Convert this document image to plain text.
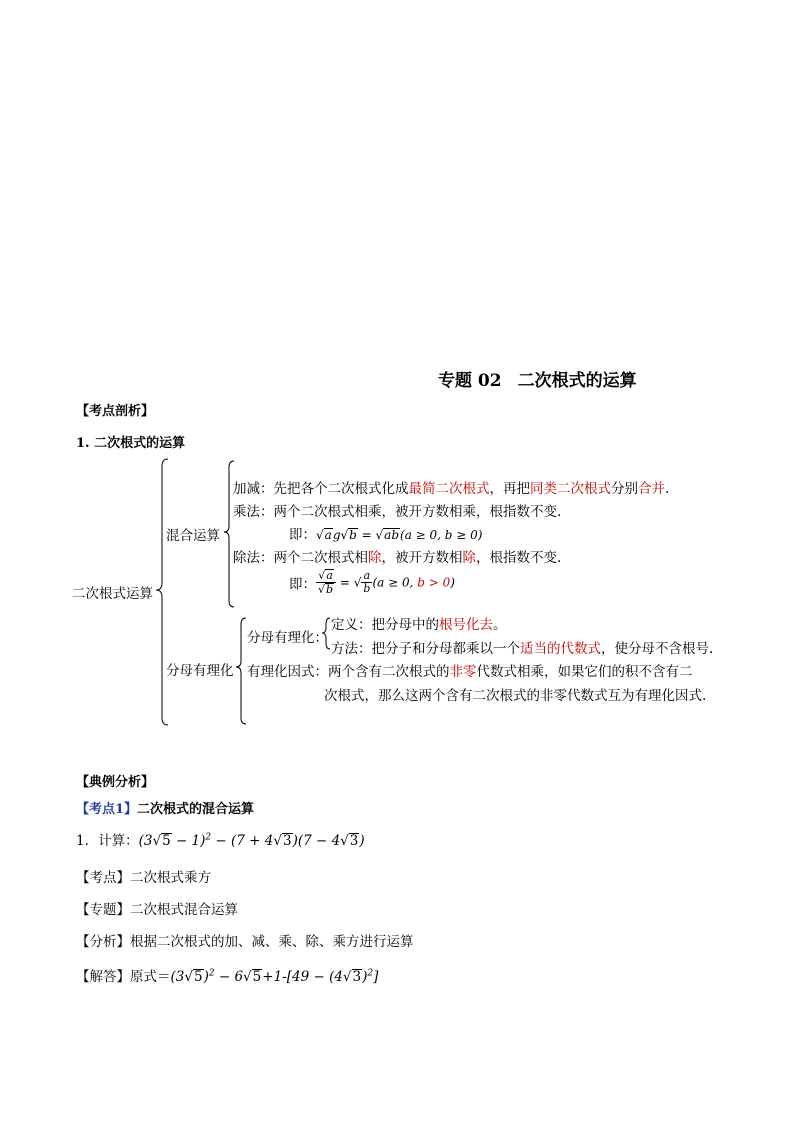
专题 02 二次根式的运算
【考点剖析】
1. 二次根式的运算
二次根式运算
混合运算
分母有理化
加减：先把各个二次根式化成最简二次根式，再把同类二次根式分别合并.
乘法：两个二次根式相乘，被开方数相乘，根指数不变.
即：√ag√b = √ab(a ≥ 0, b ≥ 0)
除法：两个二次根式相除，被开方数相除，根指数不变.
即： $\frac{√a}{√b}$ = √ $\frac{a}{b} (a \ge 0$, b > 0)
分母有理化：
定义：把分母中的根号化去。
方法：把分子和分母都乘以一个适当的代数式，使分母不含根号.
有理化因式：两个含有二次根式的非零代数式相乘，如果它们的积不含有二
次根式，那么这两个含有二次根式的非零代数式互为有理化因式.
【典例分析】
【考点1】二次根式的混合运算
1．计算：$(3√5 - 1)^2 - (7 + 4√3)(7 - 4√3)$
【考点】二次根式乘方
【专题】二次根式混合运算
【分析】根据二次根式的加、减、乘、除、乘方进行运算
【解答】原式$=(3√5)^2 - 6√5+1-[49 - (4√3)^2]$
